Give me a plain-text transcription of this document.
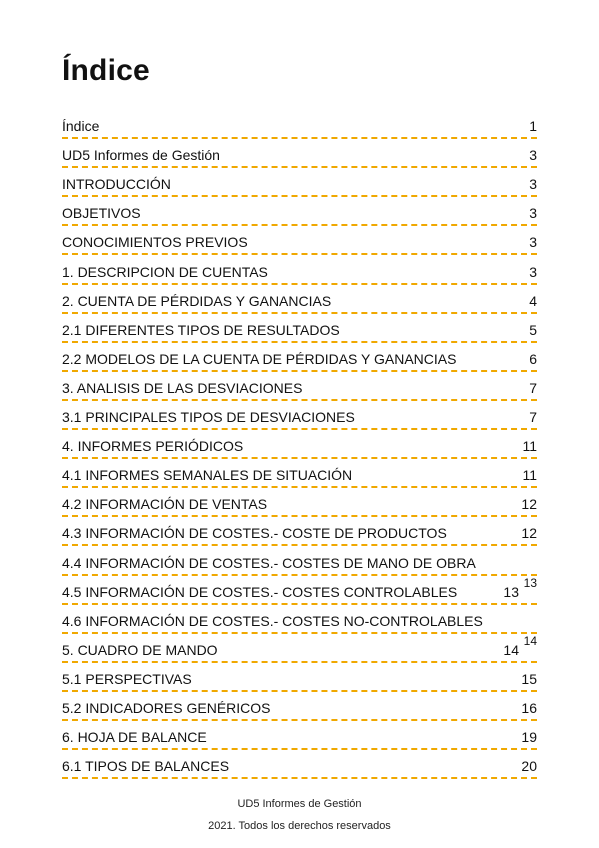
Índice
Índice	1
UD5 Informes de Gestión	3
INTRODUCCIÓN	3
OBJETIVOS	3
CONOCIMIENTOS PREVIOS	3
1. DESCRIPCION DE CUENTAS	3
2. CUENTA DE PÉRDIDAS Y GANANCIAS	4
2.1 DIFERENTES TIPOS DE RESULTADOS	5
2.2 MODELOS DE LA CUENTA DE PÉRDIDAS Y GANANCIAS	6
3. ANALISIS DE LAS DESVIACIONES	7
3.1 PRINCIPALES TIPOS DE DESVIACIONES	7
4. INFORMES PERIÓDICOS	11
4.1 INFORMES SEMANALES DE SITUACIÓN	11
4.2 INFORMACIÓN DE VENTAS	12
4.3 INFORMACIÓN DE COSTES.- COSTE DE PRODUCTOS	12
4.4 INFORMACIÓN DE COSTES.- COSTES DE MANO DE OBRA
4.5 INFORMACIÓN DE COSTES.- COSTES CONTROLABLES	13
13
4.6 INFORMACIÓN DE COSTES.- COSTES NO-CONTROLABLES
5. CUADRO DE MANDO	14
14
5.1 PERSPECTIVAS	15
5.2 INDICADORES GENÉRICOS	16
6. HOJA DE BALANCE	19
6.1 TIPOS DE BALANCES	20
UD5 Informes de Gestión
2021. Todos los derechos reservados
